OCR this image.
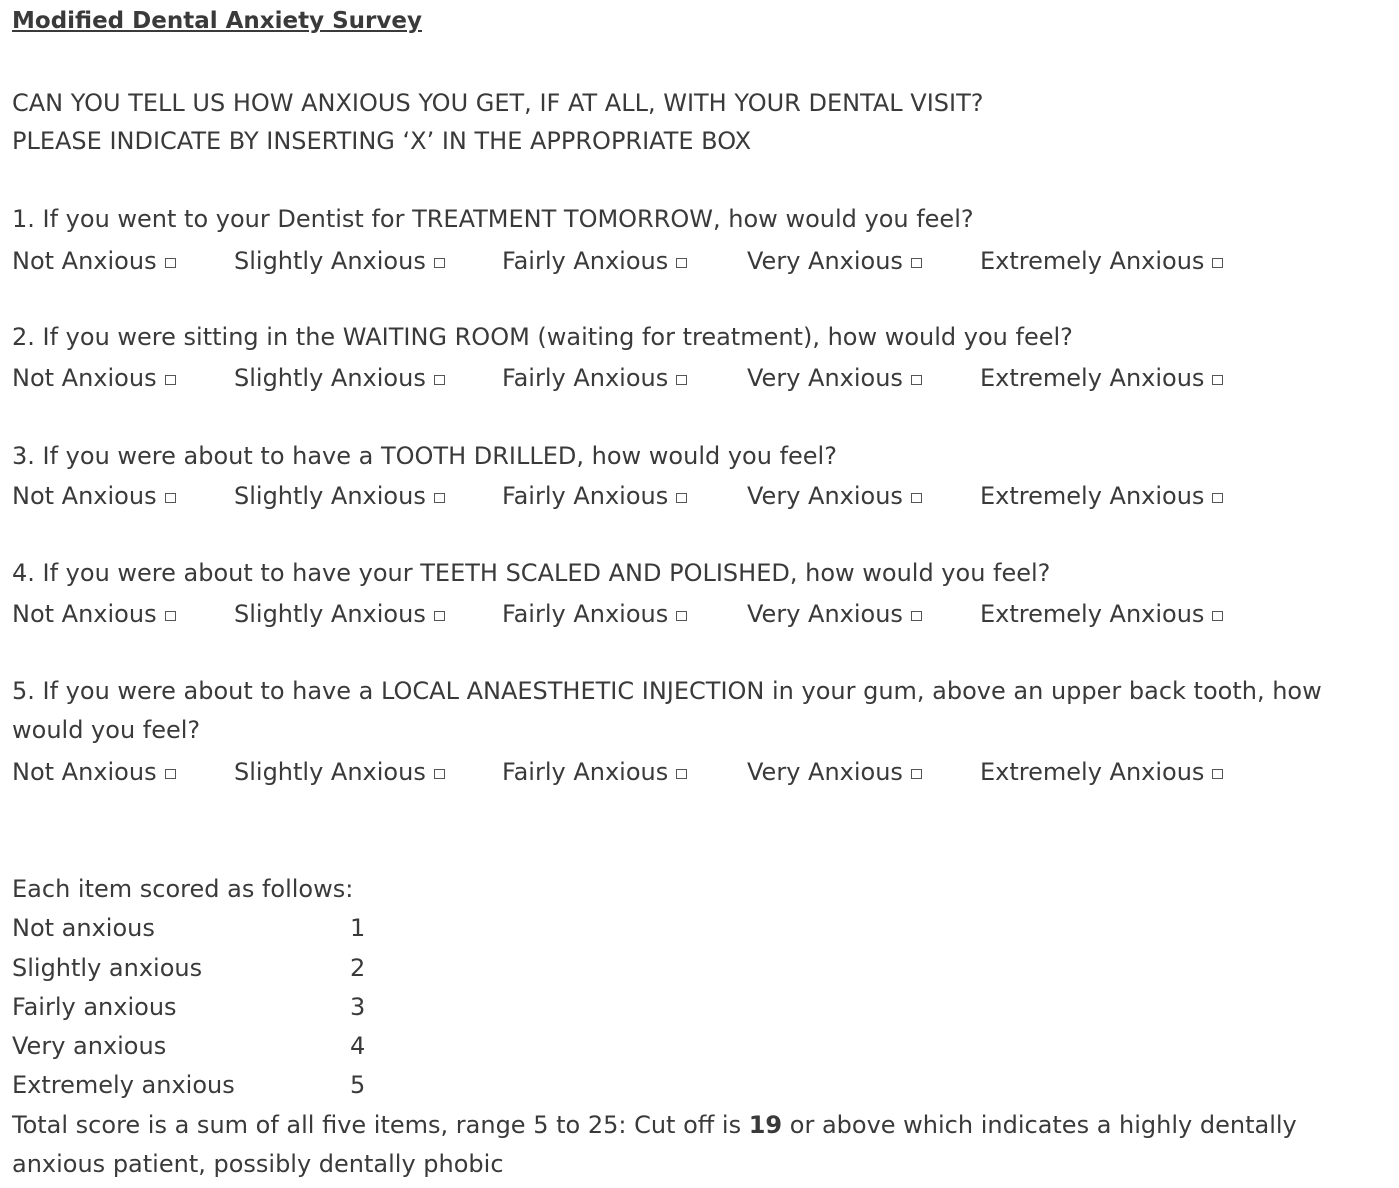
Modified Dental Anxiety Survey
CAN YOU TELL US HOW ANXIOUS YOU GET, IF AT ALL, WITH YOUR DENTAL VISIT?
PLEASE INDICATE BY INSERTING ‘X’ IN THE APPROPRIATE BOX
1. If you went to your Dentist for TREATMENT TOMORROW, how would you feel?
Not Anxious	Slightly Anxious	Fairly Anxious	Very Anxious	Extremely Anxious
2. If you were sitting in the WAITING ROOM (waiting for treatment), how would you feel?
Not Anxious	Slightly Anxious	Fairly Anxious	Very Anxious	Extremely Anxious
3. If you were about to have a TOOTH DRILLED, how would you feel?
Not Anxious	Slightly Anxious	Fairly Anxious	Very Anxious	Extremely Anxious
4. If you were about to have your TEETH SCALED AND POLISHED, how would you feel?
Not Anxious	Slightly Anxious	Fairly Anxious	Very Anxious	Extremely Anxious
5. If you were about to have a LOCAL ANAESTHETIC INJECTION in your gum, above an upper back tooth, how would you feel?
Not Anxious	Slightly Anxious	Fairly Anxious	Very Anxious	Extremely Anxious
Each item scored as follows:
Not anxious	1
Slightly anxious	2
Fairly anxious	3
Very anxious	4
Extremely anxious	5
Total score is a sum of all five items, range 5 to 25: Cut off is 19 or above which indicates a highly dentally anxious patient, possibly dentally phobic
